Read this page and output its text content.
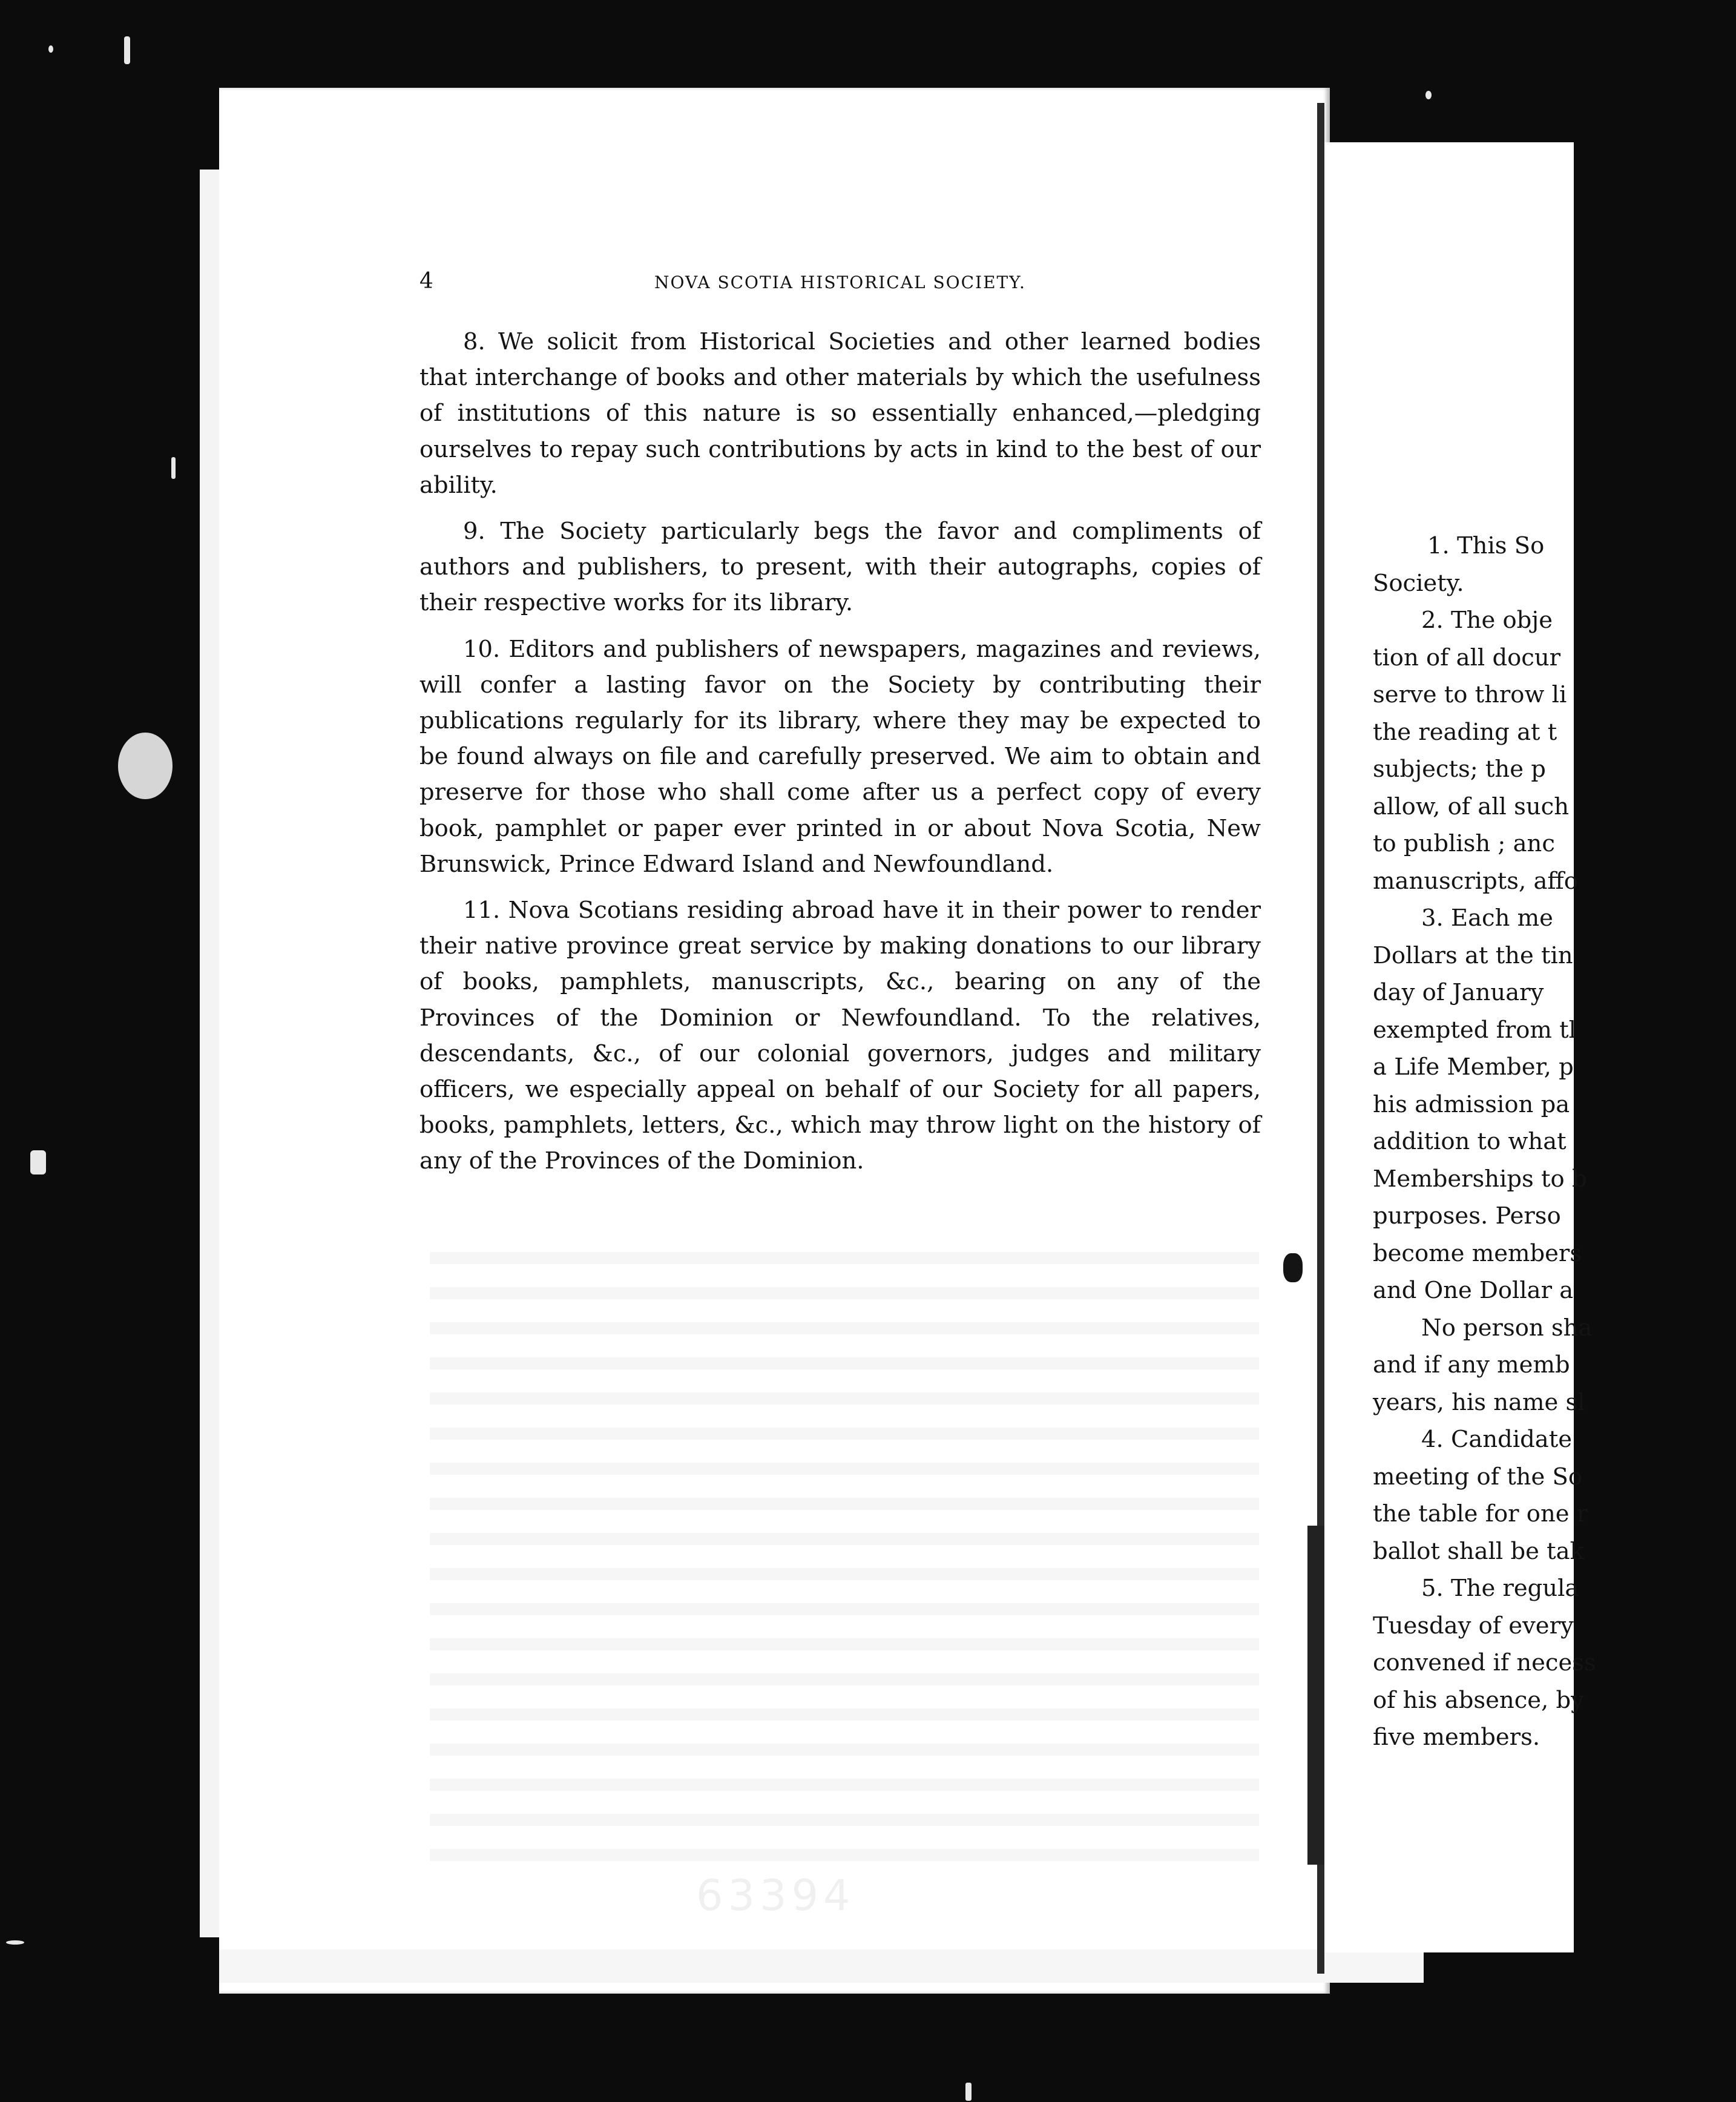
63394
4	NOVA SCOTIA HISTORICAL SOCIETY.

8. We solicit from Historical Societies and other learned bodies that interchange of books and other materials by which the usefulness of institutions of this nature is so essentially enhanced,—pledging ourselves to repay such contributions by acts in kind to the best of our ability.

9. The Society particularly begs the favor and compliments of authors and publishers, to present, with their autographs, copies of their respective works for its library.

10. Editors and publishers of newspapers, magazines and reviews, will confer a lasting favor on the Society by contributing their publications regularly for its library, where they may be expected to be found always on file and carefully preserved. We aim to obtain and preserve for those who shall come after us a perfect copy of every book, pamphlet or paper ever printed in or about Nova Scotia, New Brunswick, Prince Edward Island and Newfoundland.

11. Nova Scotians residing abroad have it in their power to render their native province great service by making donations to our library of books, pamphlets, manuscripts, &c., bearing on any of the Provinces of the Dominion or Newfoundland. To the relatives, descendants, &c., of our colonial governors, judges and military officers, we especially appeal on behalf of our Society for all papers, books, pamphlets, letters, &c., which may throw light on the history of any of the Provinces of the Dominion.

1. This So
Society.
2. The obje
tion of all docur
serve to throw li
the reading at t
subjects; the p
allow, of all such
to publish ; anc
manuscripts, affo
3. Each me
Dollars at the tin
day of January
exempted from tl
a Life Member, p
his admission pa
addition to what
Memberships to b
purposes. Perso
become members
and One Dollar a
No person sha
and if any memb
years, his name sl
4. Candidate
meeting of the So
the table for one r
ballot shall be tak
5. The regula
Tuesday of every
convened if necess
of his absence, by
five members.
